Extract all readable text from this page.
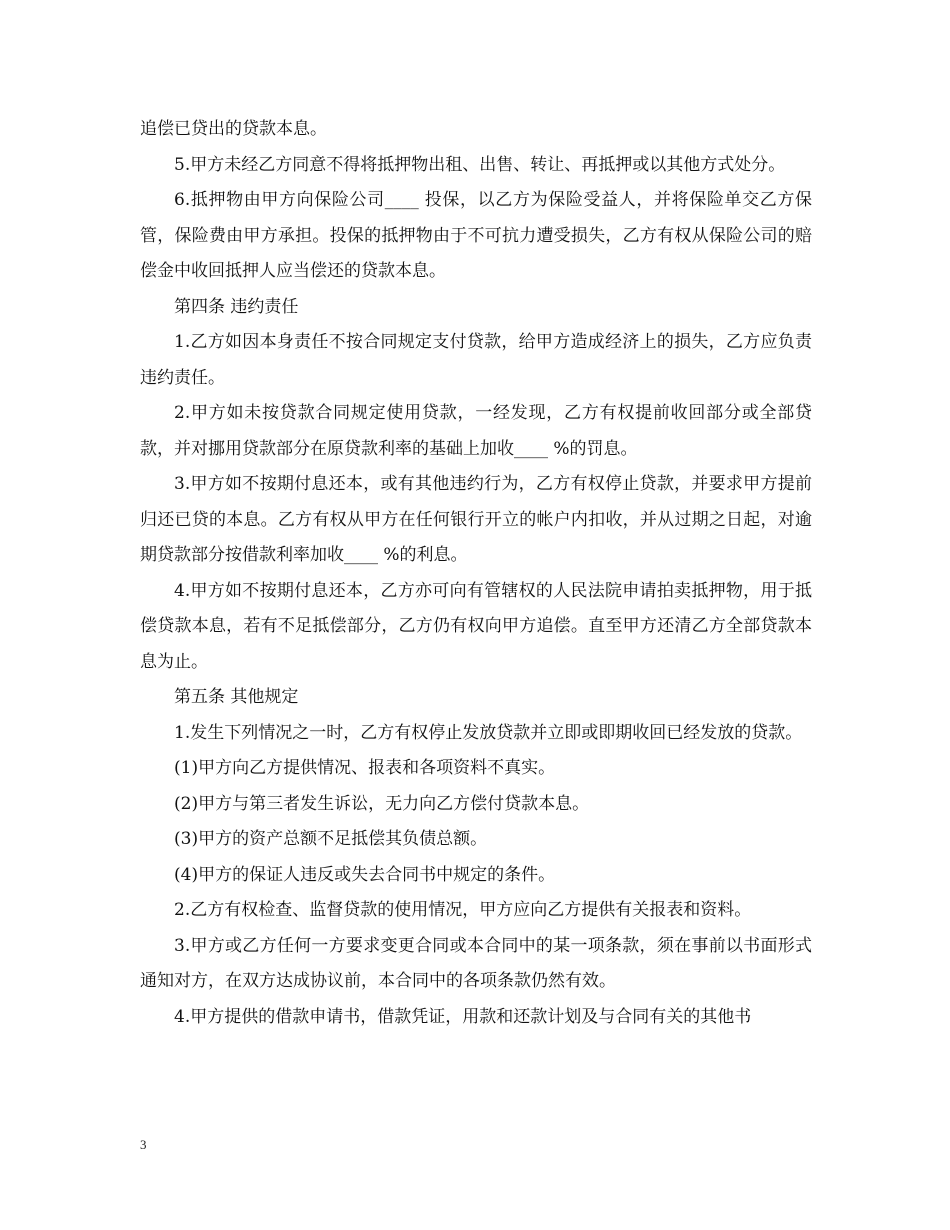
追偿已贷出的贷款本息。

5.甲方未经乙方同意不得将抵押物出租、出售、转让、再抵押或以其他方式处分。

6.抵押物由甲方向保险公司____ 投保，以乙方为保险受益人，并将保险单交乙方保管，保险费由甲方承担。投保的抵押物由于不可抗力遭受损失，乙方有权从保险公司的赔偿金中收回抵押人应当偿还的贷款本息。

第四条 违约责任

1.乙方如因本身责任不按合同规定支付贷款，给甲方造成经济上的损失，乙方应负责违约责任。

2.甲方如未按贷款合同规定使用贷款，一经发现，乙方有权提前收回部分或全部贷款，并对挪用贷款部分在原贷款利率的基础上加收____ %的罚息。

3.甲方如不按期付息还本，或有其他违约行为，乙方有权停止贷款，并要求甲方提前归还已贷的本息。乙方有权从甲方在任何银行开立的帐户内扣收，并从过期之日起，对逾期贷款部分按借款利率加收____ %的利息。

4.甲方如不按期付息还本，乙方亦可向有管辖权的人民法院申请拍卖抵押物，用于抵偿贷款本息，若有不足抵偿部分，乙方仍有权向甲方追偿。直至甲方还清乙方全部贷款本息为止。

第五条 其他规定

1.发生下列情况之一时，乙方有权停止发放贷款并立即或即期收回已经发放的贷款。

(1)甲方向乙方提供情况、报表和各项资料不真实。

(2)甲方与第三者发生诉讼，无力向乙方偿付贷款本息。

(3)甲方的资产总额不足抵偿其负债总额。

(4)甲方的保证人违反或失去合同书中规定的条件。

2.乙方有权检查、监督贷款的使用情况，甲方应向乙方提供有关报表和资料。

3.甲方或乙方任何一方要求变更合同或本合同中的某一项条款，须在事前以书面形式通知对方，在双方达成协议前，本合同中的各项条款仍然有效。

4.甲方提供的借款申请书，借款凭证，用款和还款计划及与合同有关的其他书

3
